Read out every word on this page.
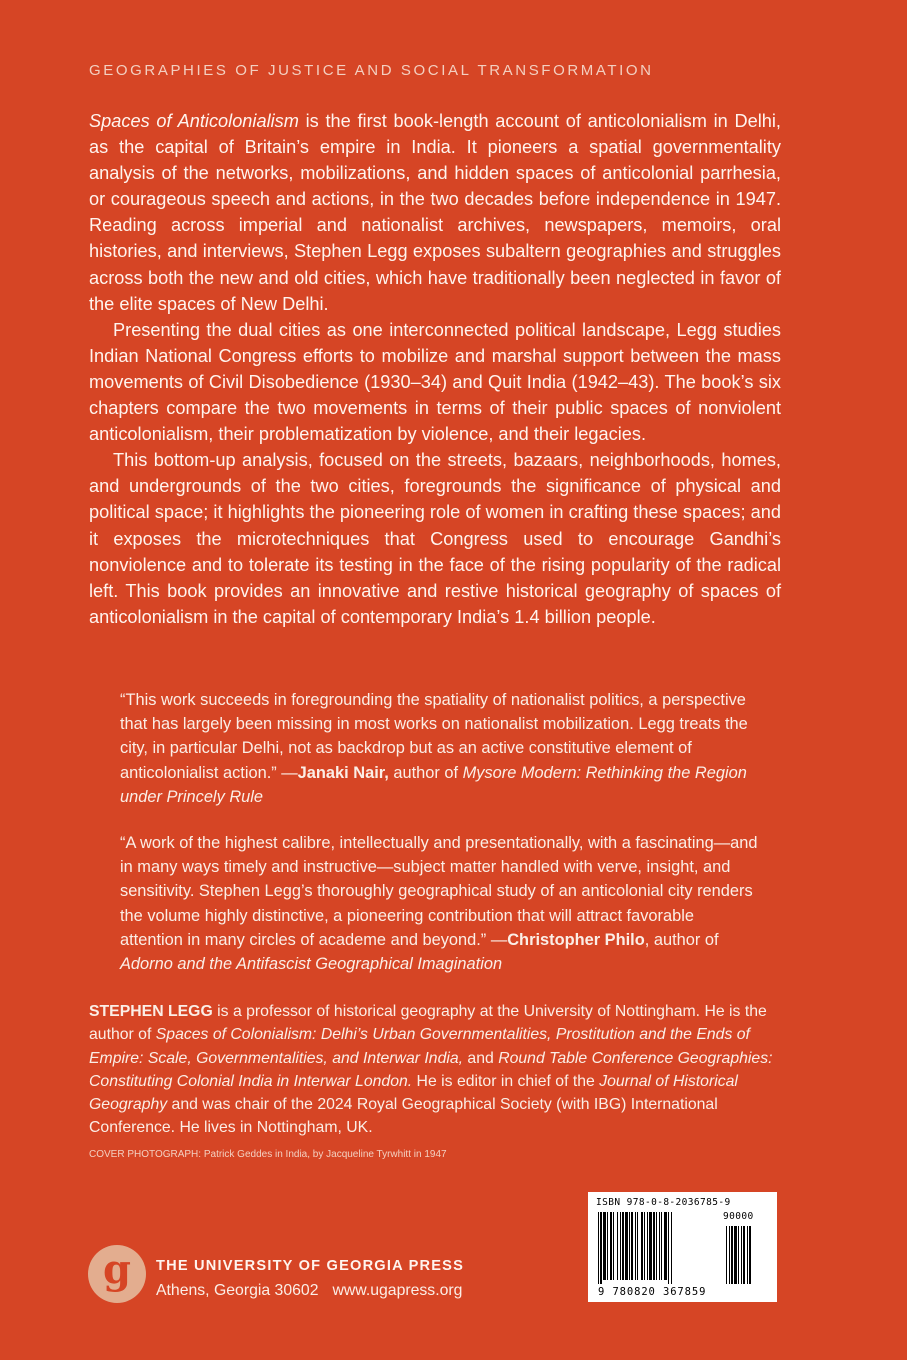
GEOGRAPHIES OF JUSTICE AND SOCIAL TRANSFORMATION

Spaces of Anticolonialism is the first book-length account of anticolonialism in Delhi, as the capital of Britain’s empire in India. It pioneers a spatial governmentality analysis of the networks, mobilizations, and hidden spaces of anticolonial parrhesia, or courageous speech and actions, in the two decades before independence in 1947. Reading across imperial and nationalist archives, newspapers, memoirs, oral histories, and interviews, Stephen Legg exposes subaltern geographies and struggles across both the new and old cities, which have traditionally been neglected in favor of the elite spaces of New Delhi.

Presenting the dual cities as one interconnected political landscape, Legg studies Indian National Congress efforts to mobilize and marshal support between the mass movements of Civil Disobedience (1930–34) and Quit India (1942–43). The book’s six chapters compare the two movements in terms of their public spaces of nonviolent anticolonialism, their problematization by violence, and their legacies.

This bottom-up analysis, focused on the streets, bazaars, neighborhoods, homes, and undergrounds of the two cities, foregrounds the significance of physical and political space; it highlights the pioneering role of women in crafting these spaces; and it exposes the microtechniques that Congress used to encourage Gandhi’s nonviolence and to tolerate its testing in the face of the rising popularity of the radical left. This book provides an innovative and restive historical geography of spaces of anticolonialism in the capital of contemporary India’s 1.4 billion people.

“This work succeeds in foregrounding the spatiality of nationalist politics, a perspective that has largely been missing in most works on nationalist mobilization. Legg treats the city, in particular Delhi, not as backdrop but as an active constitutive element of anticolonialist action.” —Janaki Nair, author of Mysore Modern: Rethinking the Region under Princely Rule
“A work of the highest calibre, intellectually and presentationally, with a fascinating—and in many ways timely and instructive—subject matter handled with verve, insight, and sensitivity. Stephen Legg’s thoroughly geographical study of an anticolonial city renders the volume highly distinctive, a pioneering contribution that will attract favorable attention in many circles of academe and beyond.” —Christopher Philo, author of Adorno and the Antifascist Geographical Imagination
STEPHEN LEGG is a professor of historical geography at the University of Nottingham. He is the author of Spaces of Colonialism: Delhi’s Urban Governmentalities, Prostitution and the Ends of Empire: Scale, Governmentalities, and Interwar India, and Round Table Conference Geographies: Constituting Colonial India in Interwar London. He is editor in chief of the Journal of Historical Geography and was chair of the 2024 Royal Geographical Society (with IBG) International Conference. He lives in Nottingham, UK.
COVER PHOTOGRAPH: Patrick Geddes in India, by Jacqueline Tyrwhitt in 1947
g THE UNIVERSITY OF GEORGIA PRESS
Athens, Georgia 30602 www.ugapress.org
ISBN 978-0-8-2036785-9
90000
9 780820 367859
